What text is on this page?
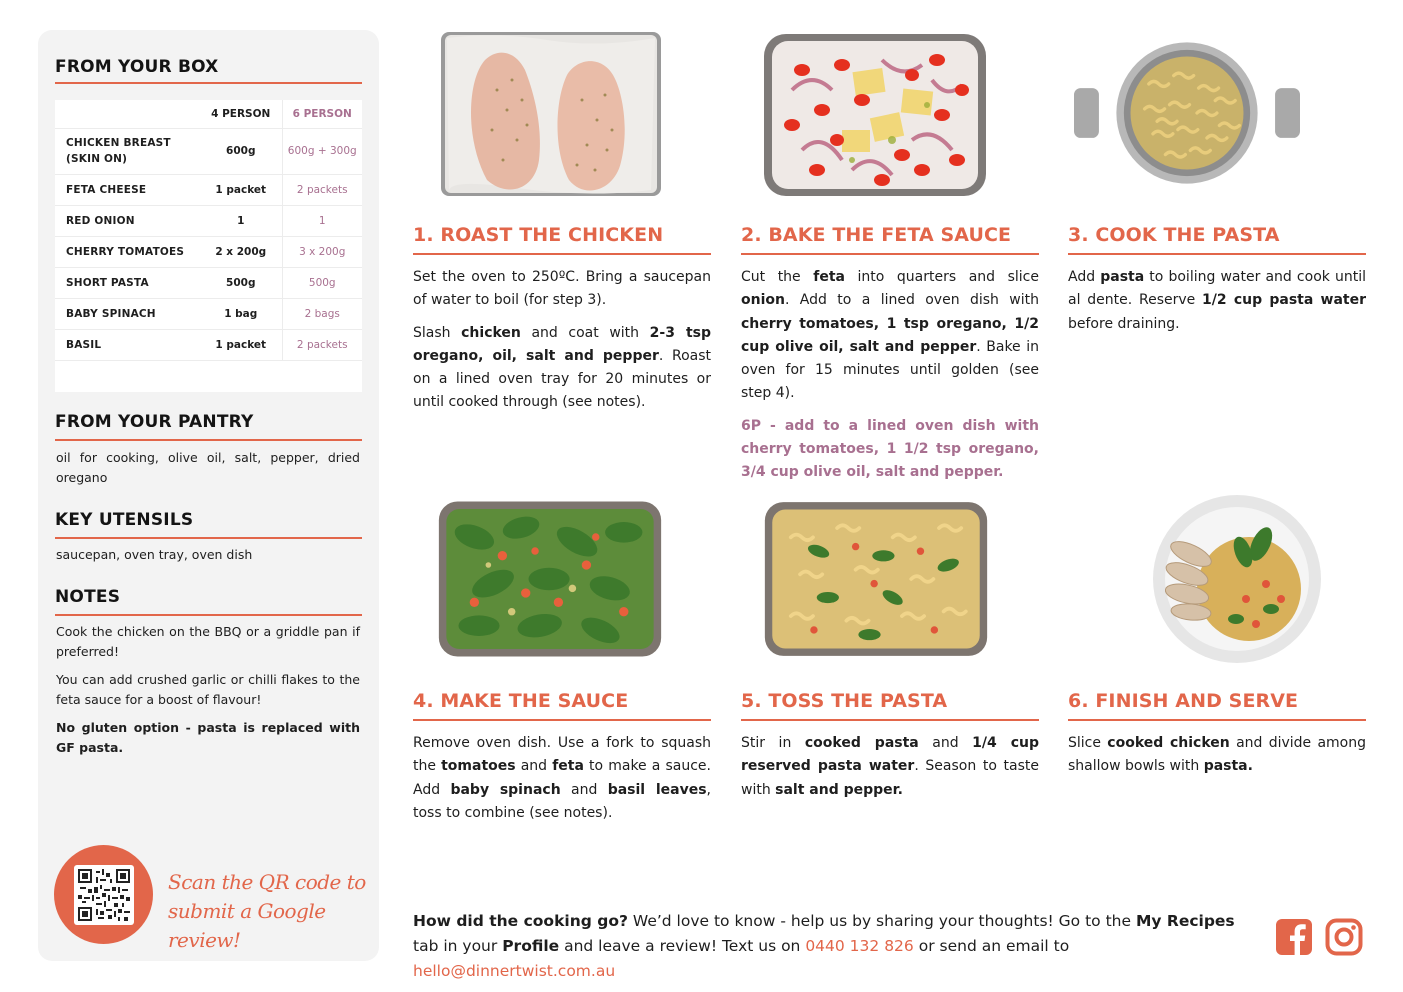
FROM YOUR BOX
	4 PERSON	6 PERSON
CHICKEN BREAST (SKIN ON)	600g	600g + 300g
FETA CHEESE	1 packet	2 packets
RED ONION	1	1
CHERRY TOMATOES	2 x 200g	3 x 200g
SHORT PASTA	500g	500g
BABY SPINACH	1 bag	2 bags
BASIL	1 packet	2 packets

FROM YOUR PANTRY
oil for cooking, olive oil, salt, pepper, dried oregano
KEY UTENSILS
saucepan, oven tray, oven dish
NOTES

Cook the chicken on the BBQ or a griddle pan if preferred!

You can add crushed garlic or chilli flakes to the feta sauce for a boost of flavour!

No gluten option - pasta is replaced with GF pasta.

Scan the QR code to
submit a Google review!
1. ROAST THE CHICKEN

Set the oven to 250ºC. Bring a saucepan of water to boil (for step 3).

Slash chicken and coat with 2-3 tsp oregano, oil, salt and pepper. Roast on a lined oven tray for 20 minutes or until cooked through (see notes).

2. BAKE THE FETA SAUCE

Cut the feta into quarters and slice onion. Add to a lined oven dish with cherry tomatoes, 1 tsp oregano, 1/2 cup olive oil, salt and pepper. Bake in oven for 15 minutes until golden (see step 4).

6P - add to a lined oven dish with cherry tomatoes, 1 1/2 tsp oregano, 3/4 cup olive oil, salt and pepper.

3. COOK THE PASTA

Add pasta to boiling water and cook until al dente. Reserve 1/2 cup pasta water before draining.

4. MAKE THE SAUCE

Remove oven dish. Use a fork to squash the tomatoes and feta to make a sauce. Add baby spinach and basil leaves, toss to combine (see notes).

5. TOSS THE PASTA

Stir in cooked pasta and 1/4 cup reserved pasta water. Season to taste with salt and pepper.

6. FINISH AND SERVE

Slice cooked chicken and divide among shallow bowls with pasta.

How did the cooking go? We’d love to know - help us by sharing your thoughts! Go to the My Recipes tab in your Profile and leave a review! Text us on 0440 132 826 or send an email to hello@dinnertwist.com.au
